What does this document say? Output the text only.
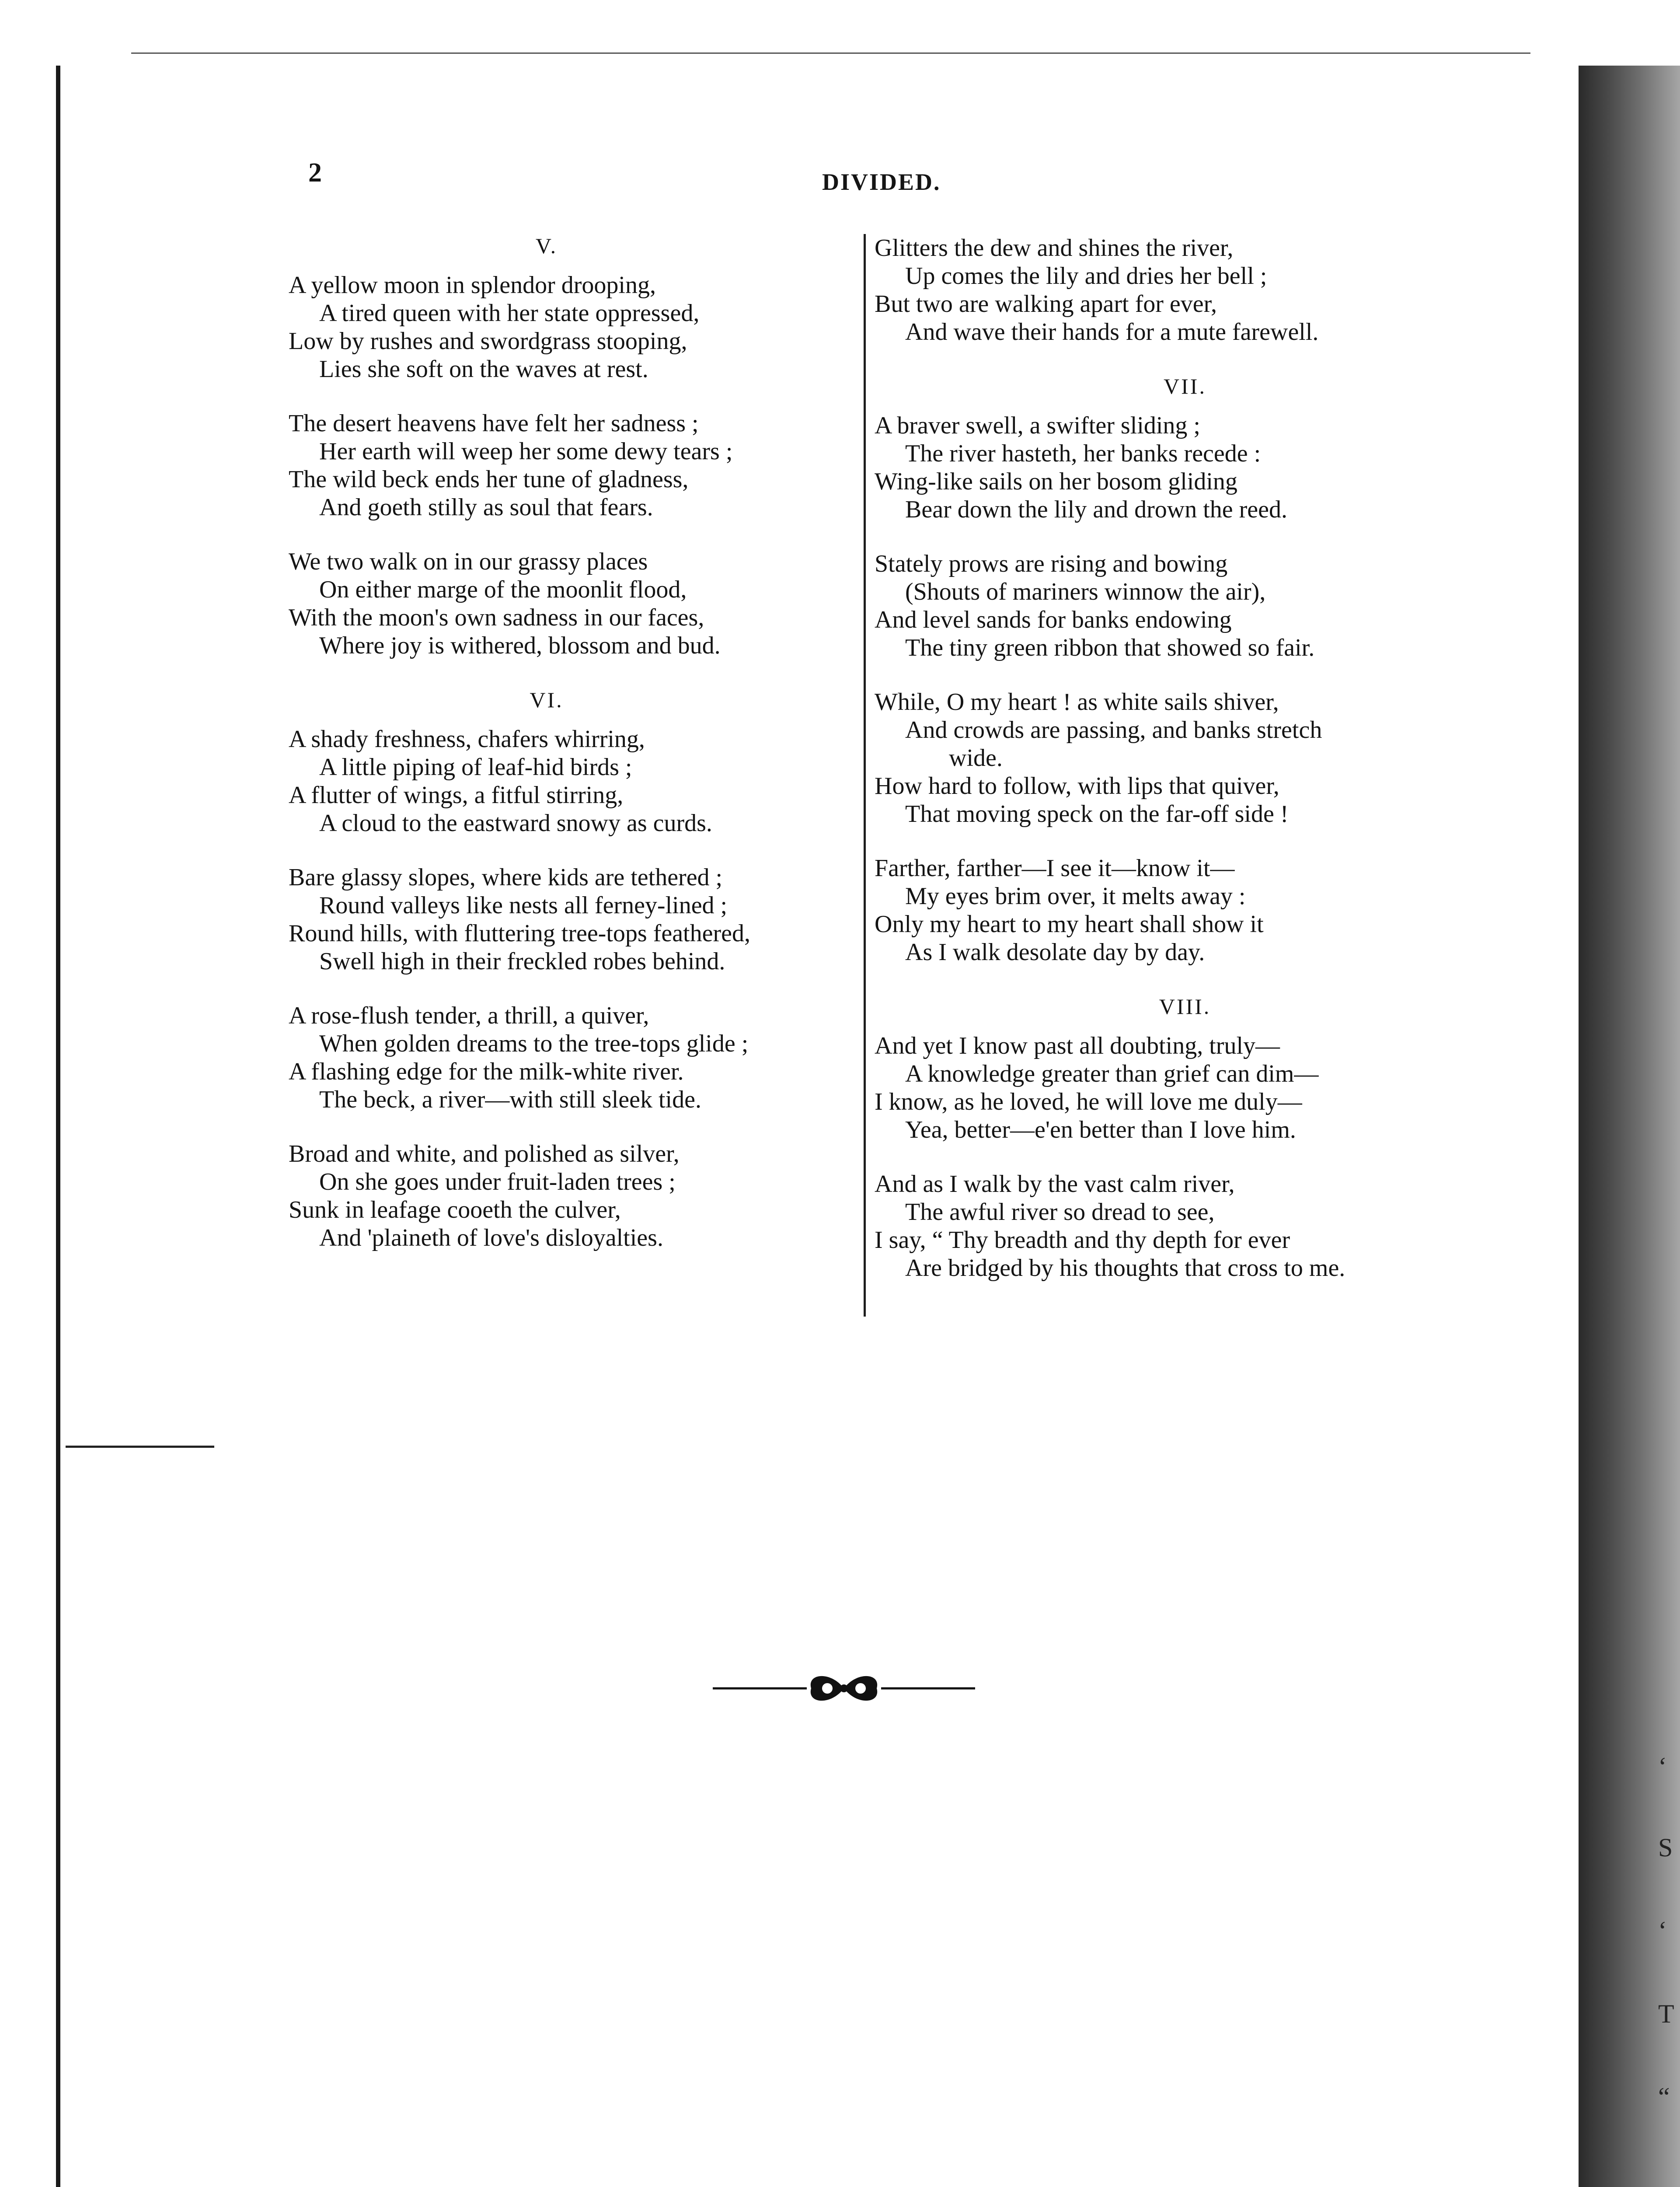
‘
S
‘
T
“
2	DIVIDED.
V.
A yellow moon in splendor drooping,
A tired queen with her state oppressed,
Low by rushes and swordgrass stooping,
Lies she soft on the waves at rest.
The desert heavens have felt her sadness ;
Her earth will weep her some dewy tears ;
The wild beck ends her tune of gladness,
And goeth stilly as soul that fears.
We two walk on in our grassy places
On either marge of the moonlit flood,
With the moon's own sadness in our faces,
Where joy is withered, blossom and bud.
VI.
A shady freshness, chafers whirring,
A little piping of leaf-hid birds ;
A flutter of wings, a fitful stirring,
A cloud to the eastward snowy as curds.
Bare glassy slopes, where kids are tethered ;
Round valleys like nests all ferney-lined ;
Round hills, with fluttering tree-tops feathered,
Swell high in their freckled robes behind.
A rose-flush tender, a thrill, a quiver,
When golden dreams to the tree-tops glide ;
A flashing edge for the milk-white river.
The beck, a river—with still sleek tide.
Broad and white, and polished as silver,
On she goes under fruit-laden trees ;
Sunk in leafage cooeth the culver,
And 'plaineth of love's disloyalties.
Glitters the dew and shines the river,
Up comes the lily and dries her bell ;
But two are walking apart for ever,
And wave their hands for a mute farewell.
VII.
A braver swell, a swifter sliding ;
The river hasteth, her banks recede :
Wing-like sails on her bosom gliding
Bear down the lily and drown the reed.
Stately prows are rising and bowing
(Shouts of mariners winnow the air),
And level sands for banks endowing
The tiny green ribbon that showed so fair.
While, O my heart ! as white sails shiver,
And crowds are passing, and banks stretch
wide.
How hard to follow, with lips that quiver,
That moving speck on the far-off side !
Farther, farther—I see it—know it—
My eyes brim over, it melts away :
Only my heart to my heart shall show it
As I walk desolate day by day.
VIII.
And yet I know past all doubting, truly—
A knowledge greater than grief can dim—
I know, as he loved, he will love me duly—
Yea, better—e'en better than I love him.
And as I walk by the vast calm river,
The awful river so dread to see,
I say, “ Thy breadth and thy depth for ever
Are bridged by his thoughts that cross to me.
